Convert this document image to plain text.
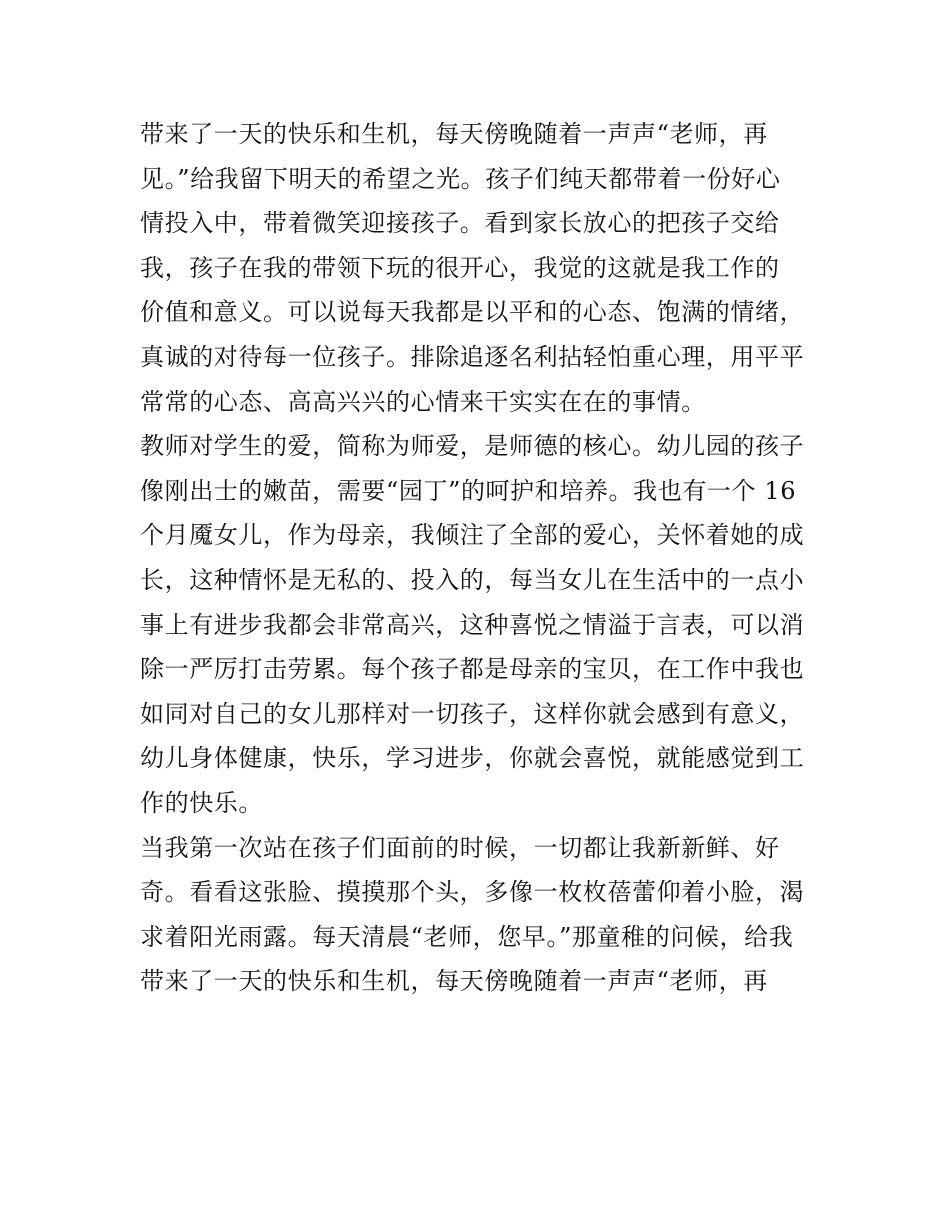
带来了一天的快乐和生机，每天傍晚随着一声声“老师，再
见。”给我留下明天的希望之光。孩子们纯天都带着一份好心
情投入中，带着微笑迎接孩子。看到家长放心的把孩子交给
我，孩子在我的带领下玩的很开心，我觉的这就是我工作的
价值和意义。可以说每天我都是以平和的心态、饱满的情绪，
真诚的对待每一位孩子。排除追逐名利拈轻怕重心理，用平平
常常的心态、高高兴兴的心情来干实实在在的事情。
教师对学生的爱，简称为师爱，是师德的核心。幼儿园的孩子
像刚出士的嫩苗，需要“园丁”的呵护和培养。我也有一个 16
个月魇女儿，作为母亲，我倾注了全部的爱心，关怀着她的成
长，这种情怀是无私的、投入的，每当女儿在生活中的一点小
事上有进步我都会非常高兴，这种喜悦之情溢于言表，可以消
除一严厉打击劳累。每个孩子都是母亲的宝贝，在工作中我也
如同对自己的女儿那样对一切孩子，这样你就会感到有意义，
幼儿身体健康，快乐，学习进步，你就会喜悦，就能感觉到工
作的快乐。
当我第一次站在孩子们面前的时候，一切都让我新新鲜、好
奇。看看这张脸、摸摸那个头，多像一枚枚蓓蕾仰着小脸，渴
求着阳光雨露。每天清晨“老师，您早。”那童稚的问候，给我
带来了一天的快乐和生机，每天傍晚随着一声声“老师，再
